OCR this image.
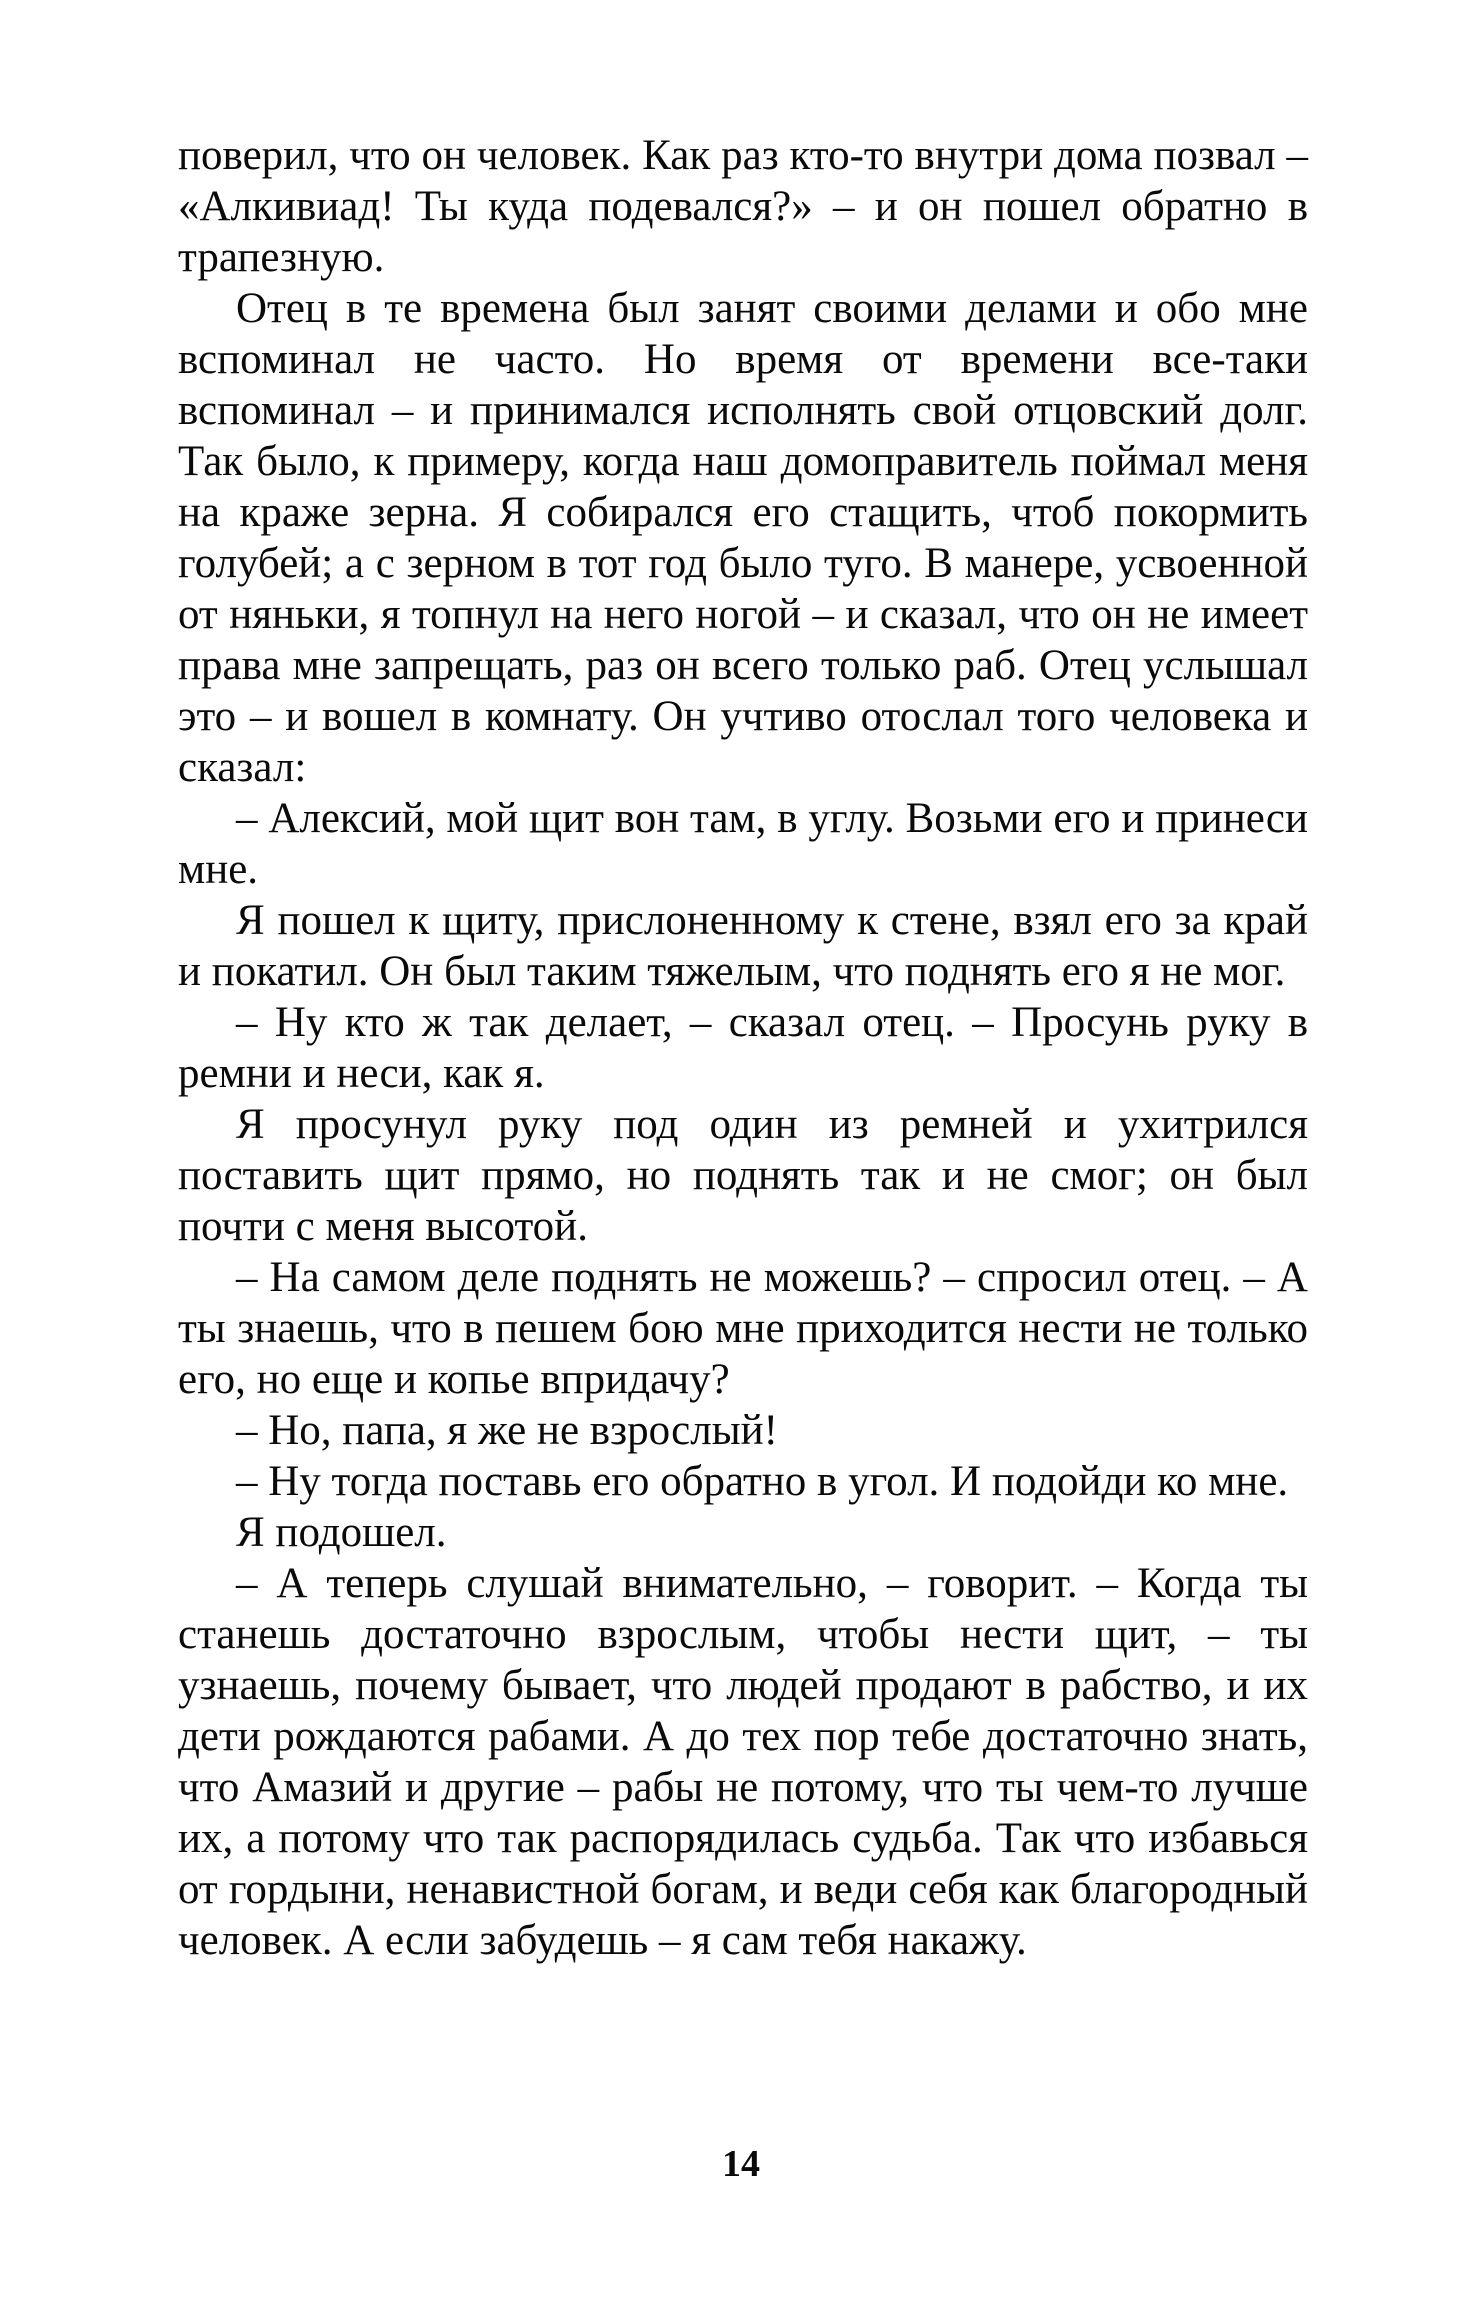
поверил, что он человек. Как раз кто-то внутри дома позвал – «Алкивиад! Ты куда подевался?» – и он пошел обратно в трапезную.

Отец в те времена был занят своими делами и обо мне вспоминал не часто. Но время от времени все-таки вспоминал – и принимался исполнять свой отцовский долг. Так было, к примеру, когда наш домоправитель поймал меня на краже зерна. Я собирался его стащить, чтоб покормить голубей; а с зерном в тот год было туго. В манере, усвоенной от няньки, я топнул на него ногой – и сказал, что он не имеет права мне запрещать, раз он всего только раб. Отец услышал это – и вошел в комнату. Он учтиво отослал того человека и сказал:

– Алексий, мой щит вон там, в углу. Возьми его и принеси мне.

Я пошел к щиту, прислоненному к стене, взял его за край и покатил. Он был таким тяжелым, что поднять его я не мог.

– Ну кто ж так делает, – сказал отец. – Просунь руку в ремни и неси, как я.

Я просунул руку под один из ремней и ухитрился поставить щит прямо, но поднять так и не смог; он был почти с меня высотой.

– На самом деле поднять не можешь? – спросил отец. – А ты знаешь, что в пешем бою мне приходится нести не только его, но еще и копье впридачу?

– Но, папа, я же не взрослый!

– Ну тогда поставь его обратно в угол. И подойди ко мне.

Я подошел.

– А теперь слушай внимательно, – говорит. – Когда ты станешь достаточно взрослым, чтобы нести щит, – ты узнаешь, почему бывает, что людей продают в рабство, и их дети рождаются рабами. А до тех пор тебе достаточно знать, что Амазий и другие – рабы не потому, что ты чем-то лучше их, а потому что так распорядилась судьба. Так что избавься от гордыни, ненавистной богам, и веди себя как благородный человек. А если забудешь – я сам тебя накажу.

14
